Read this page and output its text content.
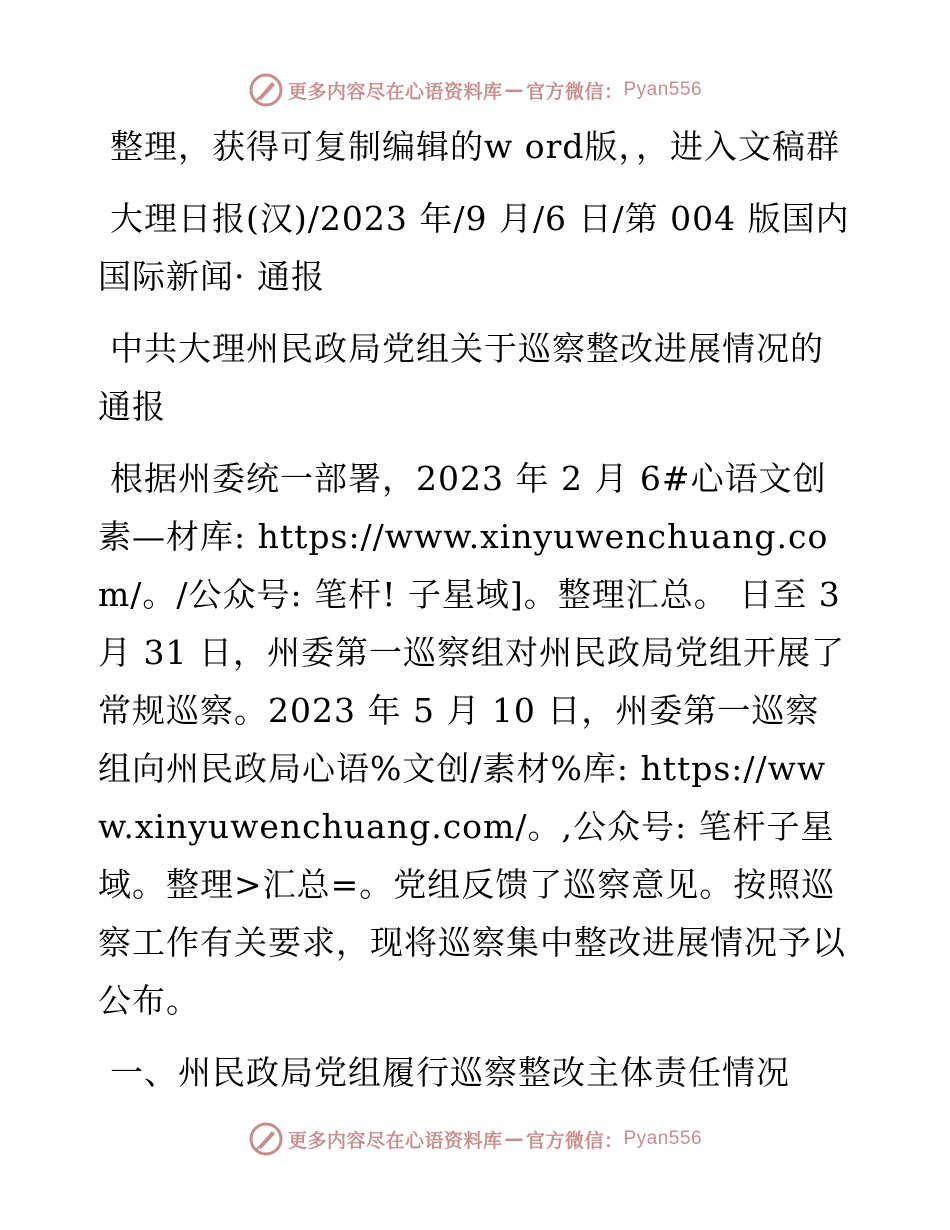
更多内容尽在心语资料库 — 官方微信： Pyan556

整理，获得可复制编辑的w ord版，，进入文稿群

大理日报(汉)/2023 年/9 月/6 日/第 004 版国内国际新闻· 通报

中共大理州民政局党组关于巡察整改进展情况的通报

根据州委统一部署，2023 年 2 月 6#心语文创素—材库: https://www.xinyuwenchuang.com/。/公众号: 笔杆! 子星域]。整理汇总。 日至 3 月 31 日，州委第一巡察组对州民政局党组开展了常规巡察。2023 年 5 月 10 日，州委第一巡察组向州民政局心语%文创/素材%库: https://www.xinyuwenchuang.com/。,公众号: 笔杆子星域。整理>汇总=。党组反馈了巡察意见。按照巡察工作有关要求，现将巡察集中整改进展情况予以公布。

一、州民政局党组履行巡察整改主体责任情况

更多内容尽在心语资料库 — 官方微信： Pyan556
